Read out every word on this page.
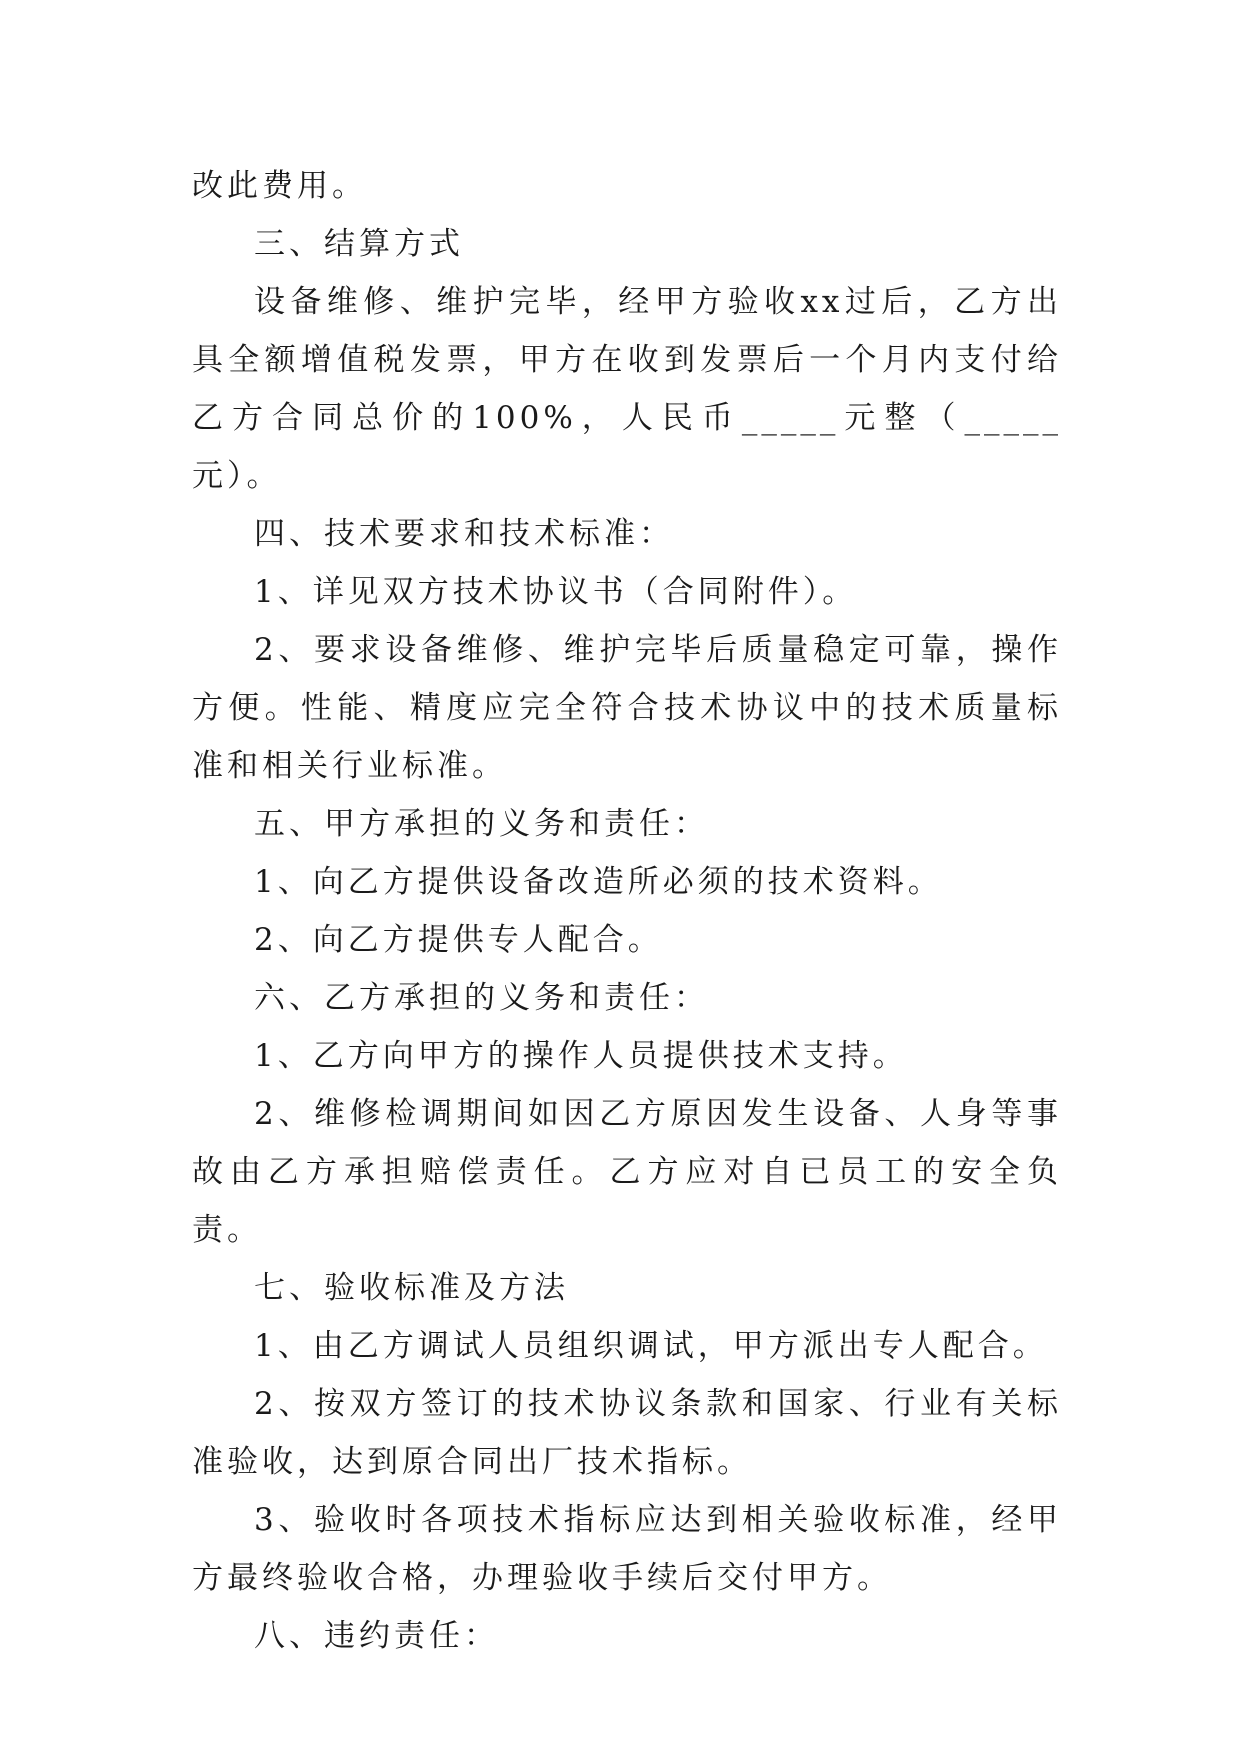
改此费用。

三、结算方式

设备维修、维护完毕，经甲方验收xx过后，乙方出具全额增值税发票，甲方在收到发票后一个月内支付给乙方合同总价的100%，人民币_____元整（_____元）。

四、技术要求和技术标准：

1、详见双方技术协议书（合同附件）。

2、要求设备维修、维护完毕后质量稳定可靠，操作方便。性能、精度应完全符合技术协议中的技术质量标准和相关行业标准。

五、甲方承担的义务和责任：

1、向乙方提供设备改造所必须的技术资料。

2、向乙方提供专人配合。

六、乙方承担的义务和责任：

1、乙方向甲方的操作人员提供技术支持。

2、维修检调期间如因乙方原因发生设备、人身等事故由乙方承担赔偿责任。乙方应对自已员工的安全负责。

七、验收标准及方法

1、由乙方调试人员组织调试，甲方派出专人配合。

2、按双方签订的技术协议条款和国家、行业有关标准验收，达到原合同出厂技术指标。

3、验收时各项技术指标应达到相关验收标准，经甲方最终验收合格，办理验收手续后交付甲方。

八、违约责任：
